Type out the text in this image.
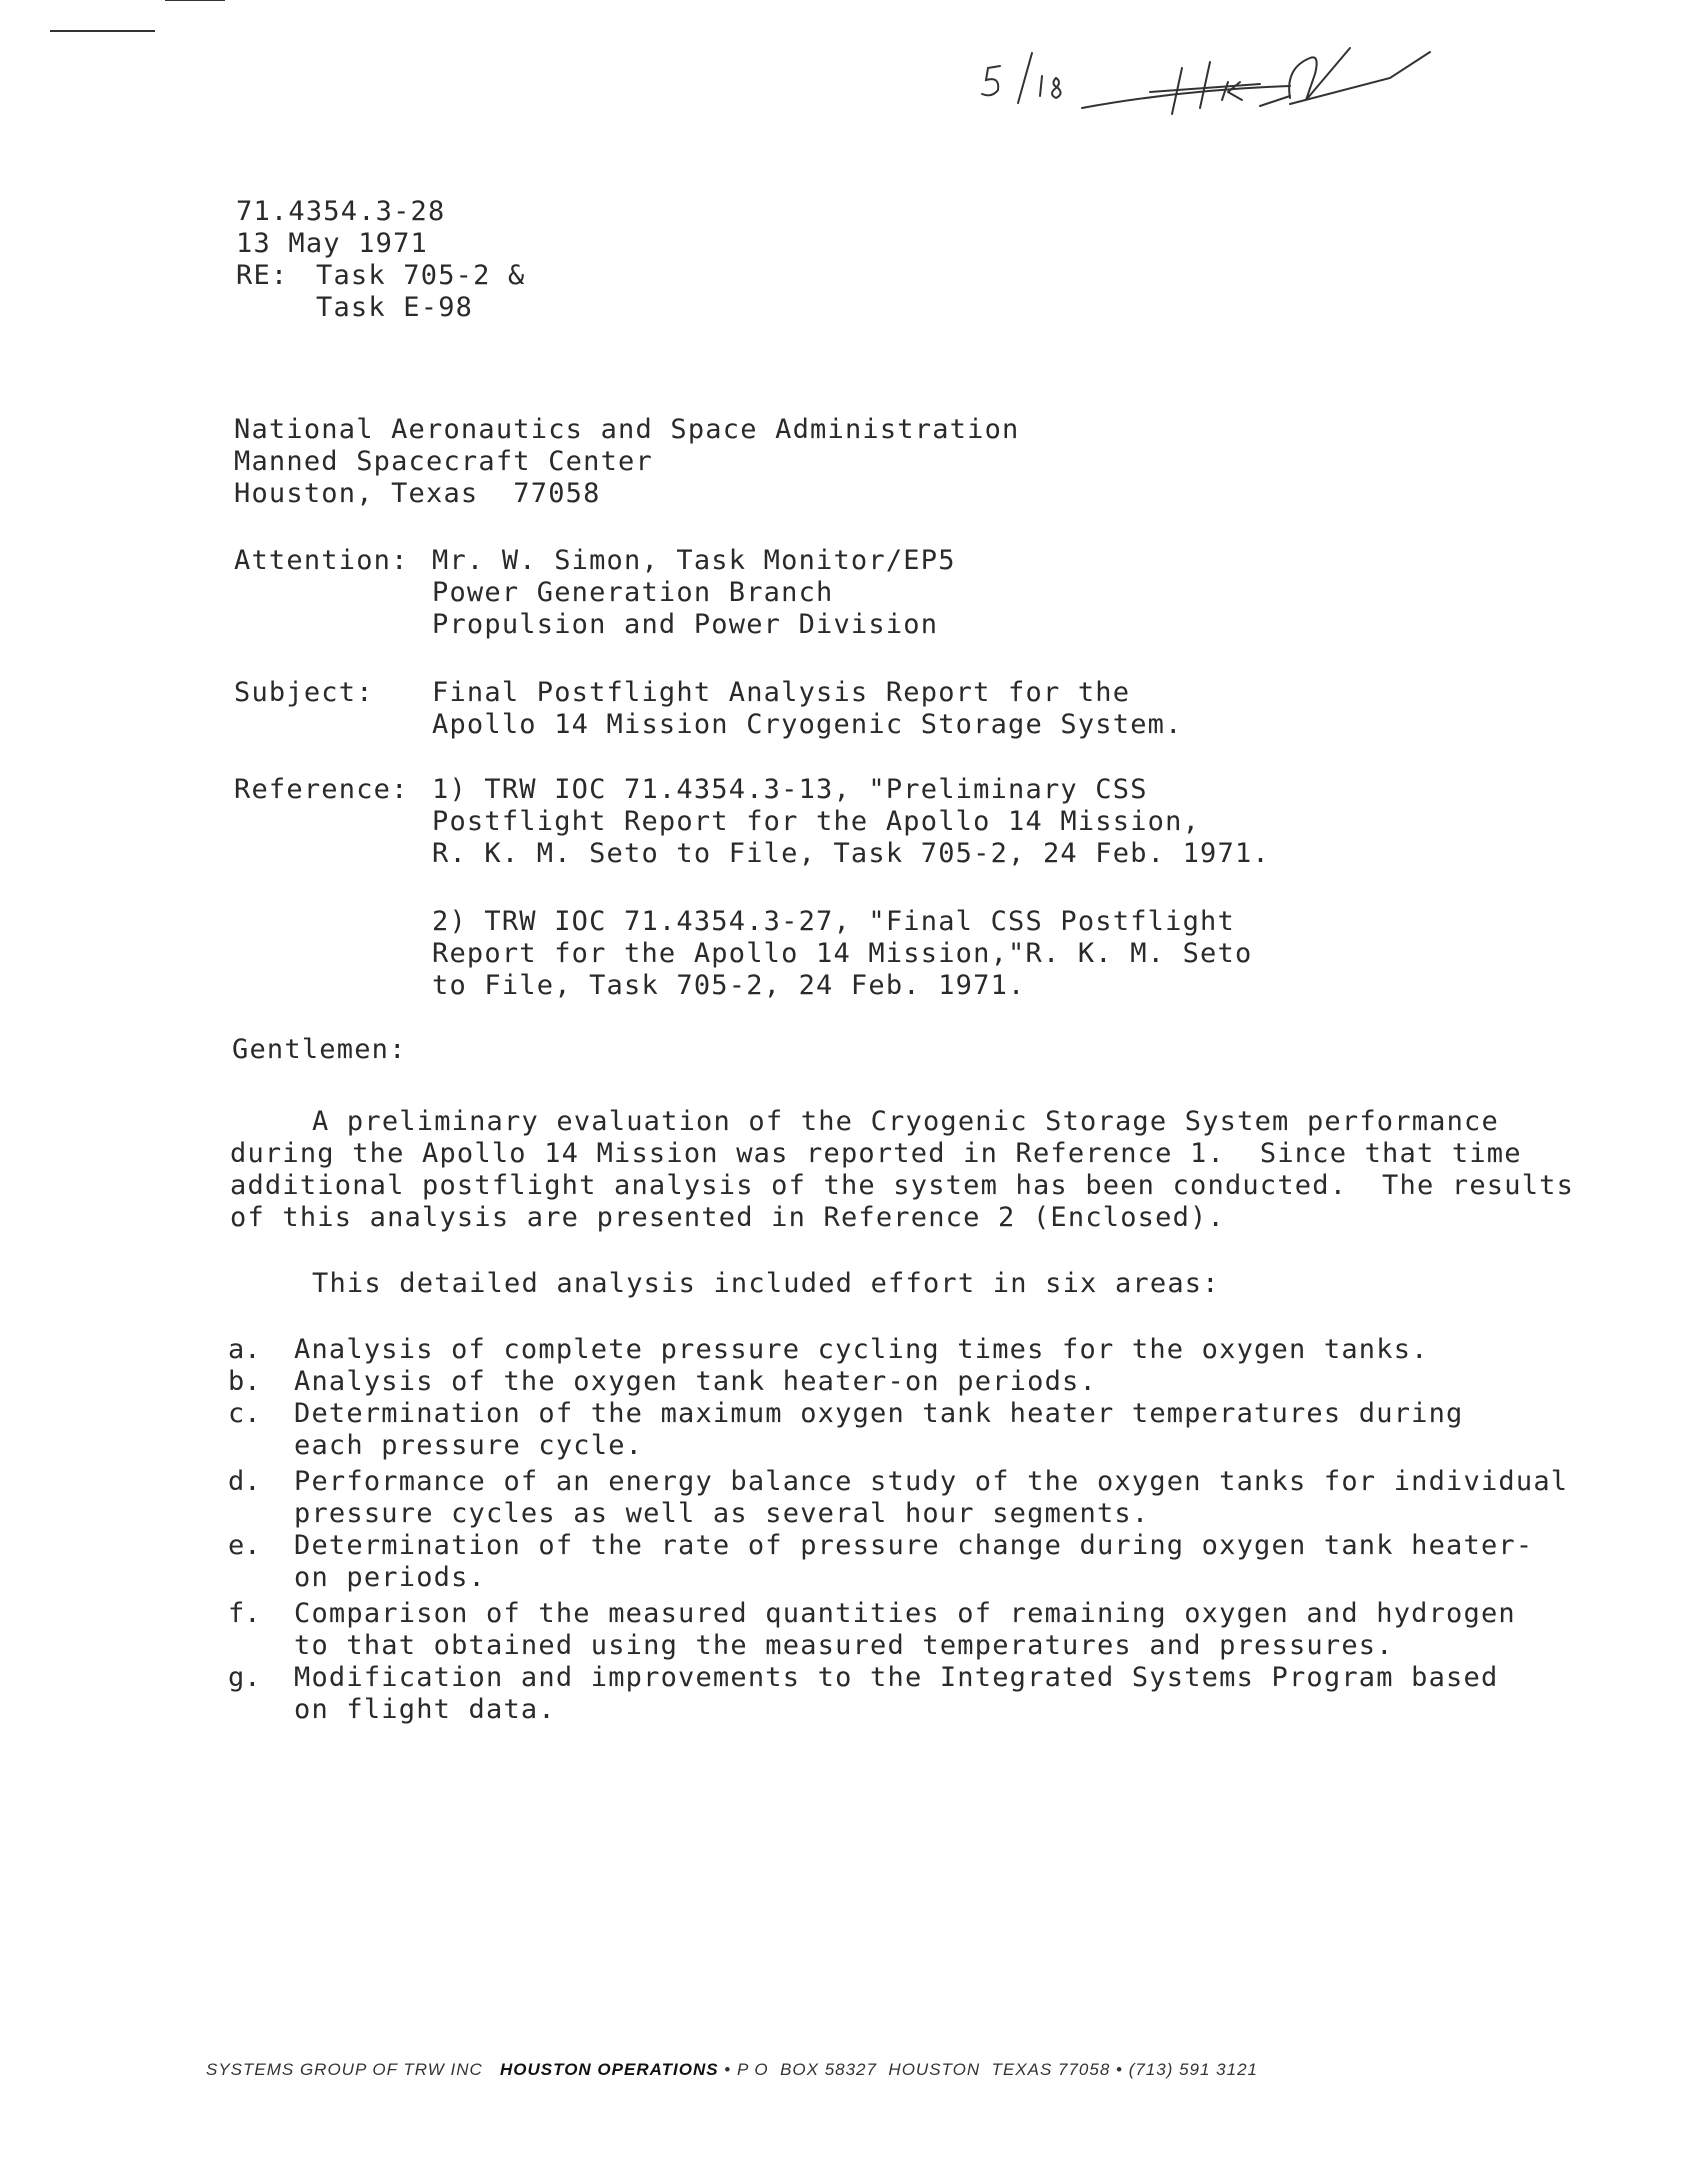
71.4354.3-28
13 May 1971
RE: Task 705-2 &
Task E-98
National Aeronautics and Space Administration
Manned Spacecraft Center
Houston, Texas  77058
Attention: Mr. W. Simon, Task Monitor/EP5
Power Generation Branch
Propulsion and Power Division
Subject: Final Postflight Analysis Report for the
Apollo 14 Mission Cryogenic Storage System.
Reference: 1) TRW IOC 71.4354.3-13, "Preliminary CSS
Postflight Report for the Apollo 14 Mission,
R. K. M. Seto to File, Task 705-2, 24 Feb. 1971.
2) TRW IOC 71.4354.3-27, "Final CSS Postflight
Report for the Apollo 14 Mission,"R. K. M. Seto
to File, Task 705-2, 24 Feb. 1971.
Gentlemen:
A preliminary evaluation of the Cryogenic Storage System performance
during the Apollo 14 Mission was reported in Reference 1.  Since that time
additional postflight analysis of the system has been conducted.  The results
of this analysis are presented in Reference 2 (Enclosed).
This detailed analysis included effort in six areas:
a. Analysis of complete pressure cycling times for the oxygen tanks.
b. Analysis of the oxygen tank heater-on periods.
c. Determination of the maximum oxygen tank heater temperatures during
each pressure cycle.
d. Performance of an energy balance study of the oxygen tanks for individual
pressure cycles as well as several hour segments.
e. Determination of the rate of pressure change during oxygen tank heater-
on periods.
f. Comparison of the measured quantities of remaining oxygen and hydrogen
to that obtained using the measured temperatures and pressures.
g. Modification and improvements to the Integrated Systems Program based
on flight data.
SYSTEMS GROUP OF TRW INC HOUSTON OPERATIONS • P O  BOX 58327  HOUSTON  TEXAS 77058 • (713) 591 3121
